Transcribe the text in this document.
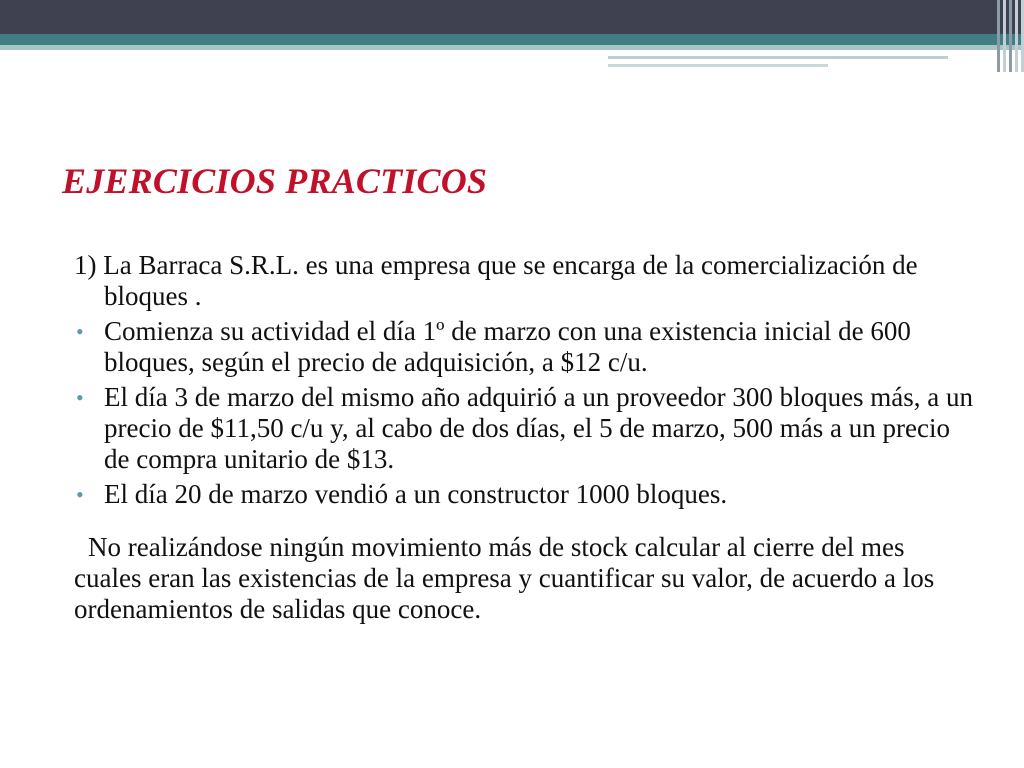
EJERCICIOS PRACTICOS

1) La Barraca S.R.L. es una empresa que se encarga de la comercialización de bloques .

• Comienza su actividad el día 1º de marzo con una existencia inicial de 600 bloques, según el precio de adquisición, a $12 c/u.
• El día 3 de marzo del mismo año adquirió a un proveedor 300 bloques más, a un precio de $11,50 c/u y, al cabo de dos días, el 5 de marzo, 500 más a un precio de compra unitario de $13.
• El día 20 de marzo vendió a un constructor 1000 bloques.

No realizándose ningún movimiento más de stock calcular al cierre del mes cuales eran las existencias de la empresa y cuantificar su valor, de acuerdo a los ordenamientos de salidas que conoce.
